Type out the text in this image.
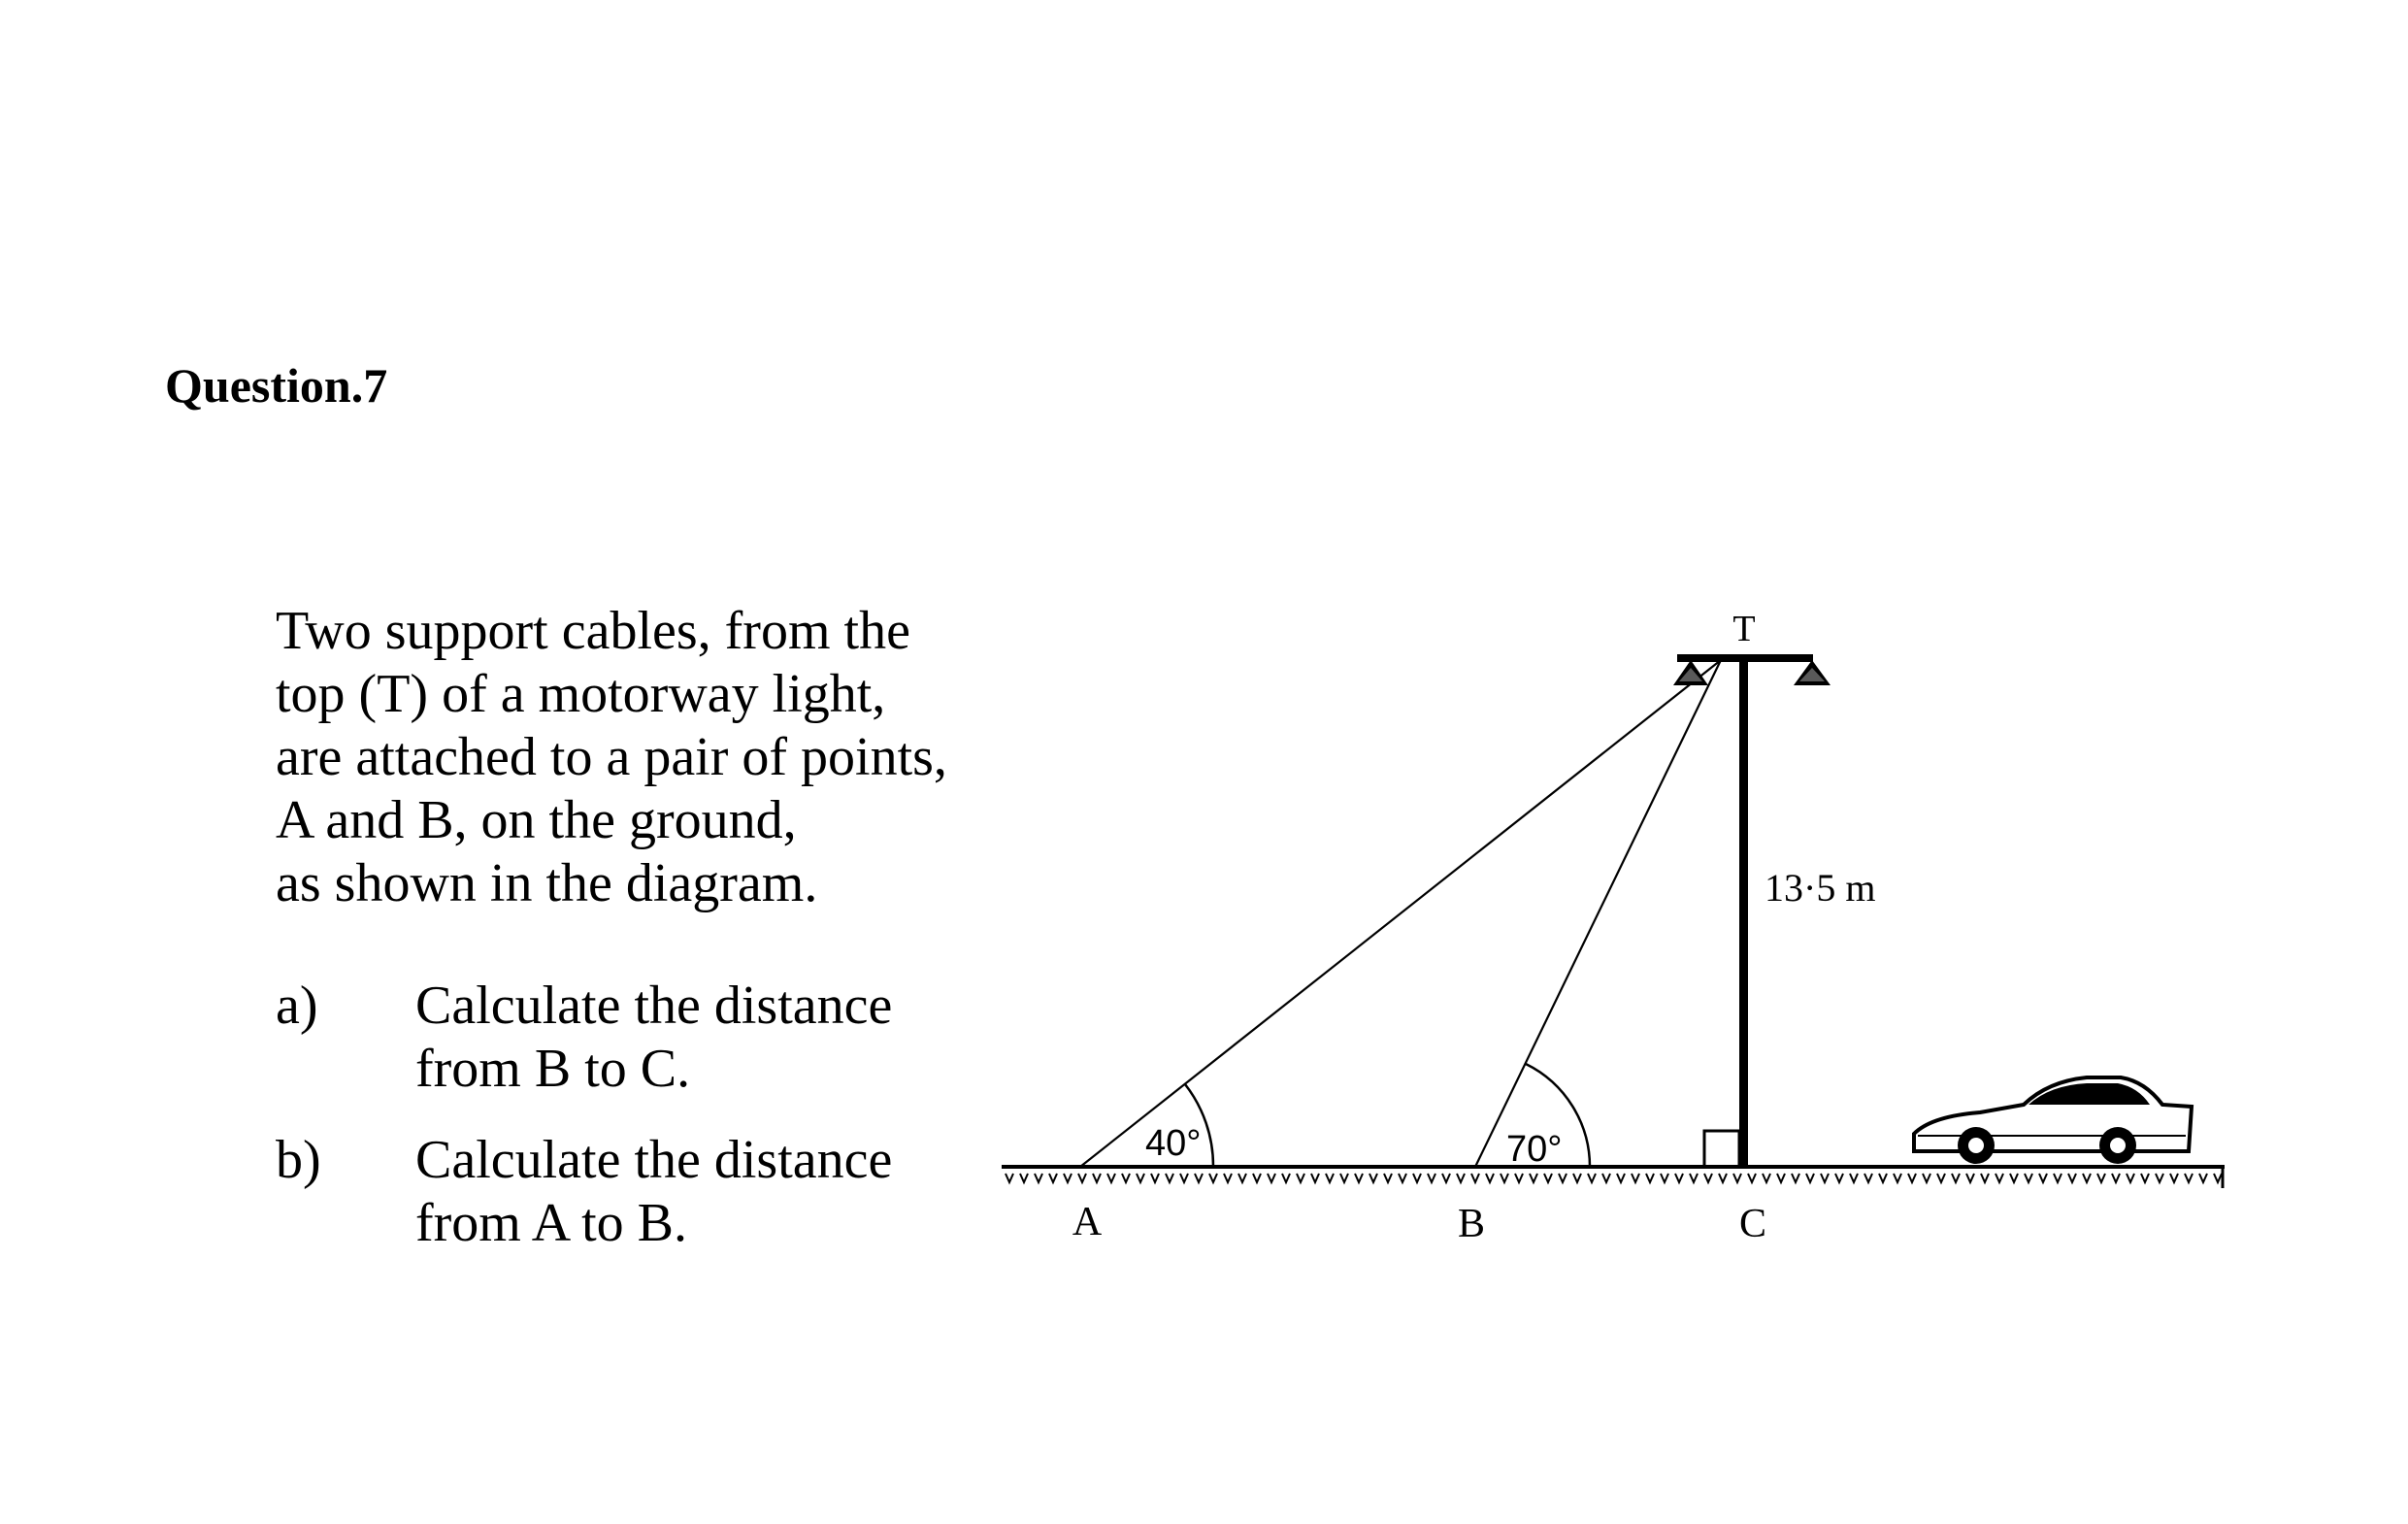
Question.7
Two support cables, from the
top (T) of a motorway light,
are attached to a pair of points,
A and B, on the ground,
as shown in the diagram.
a) Calculate the distance
from B to C.
b) Calculate the distance
from A to B.
T
A	B	C
40°	70°
13·5 m
